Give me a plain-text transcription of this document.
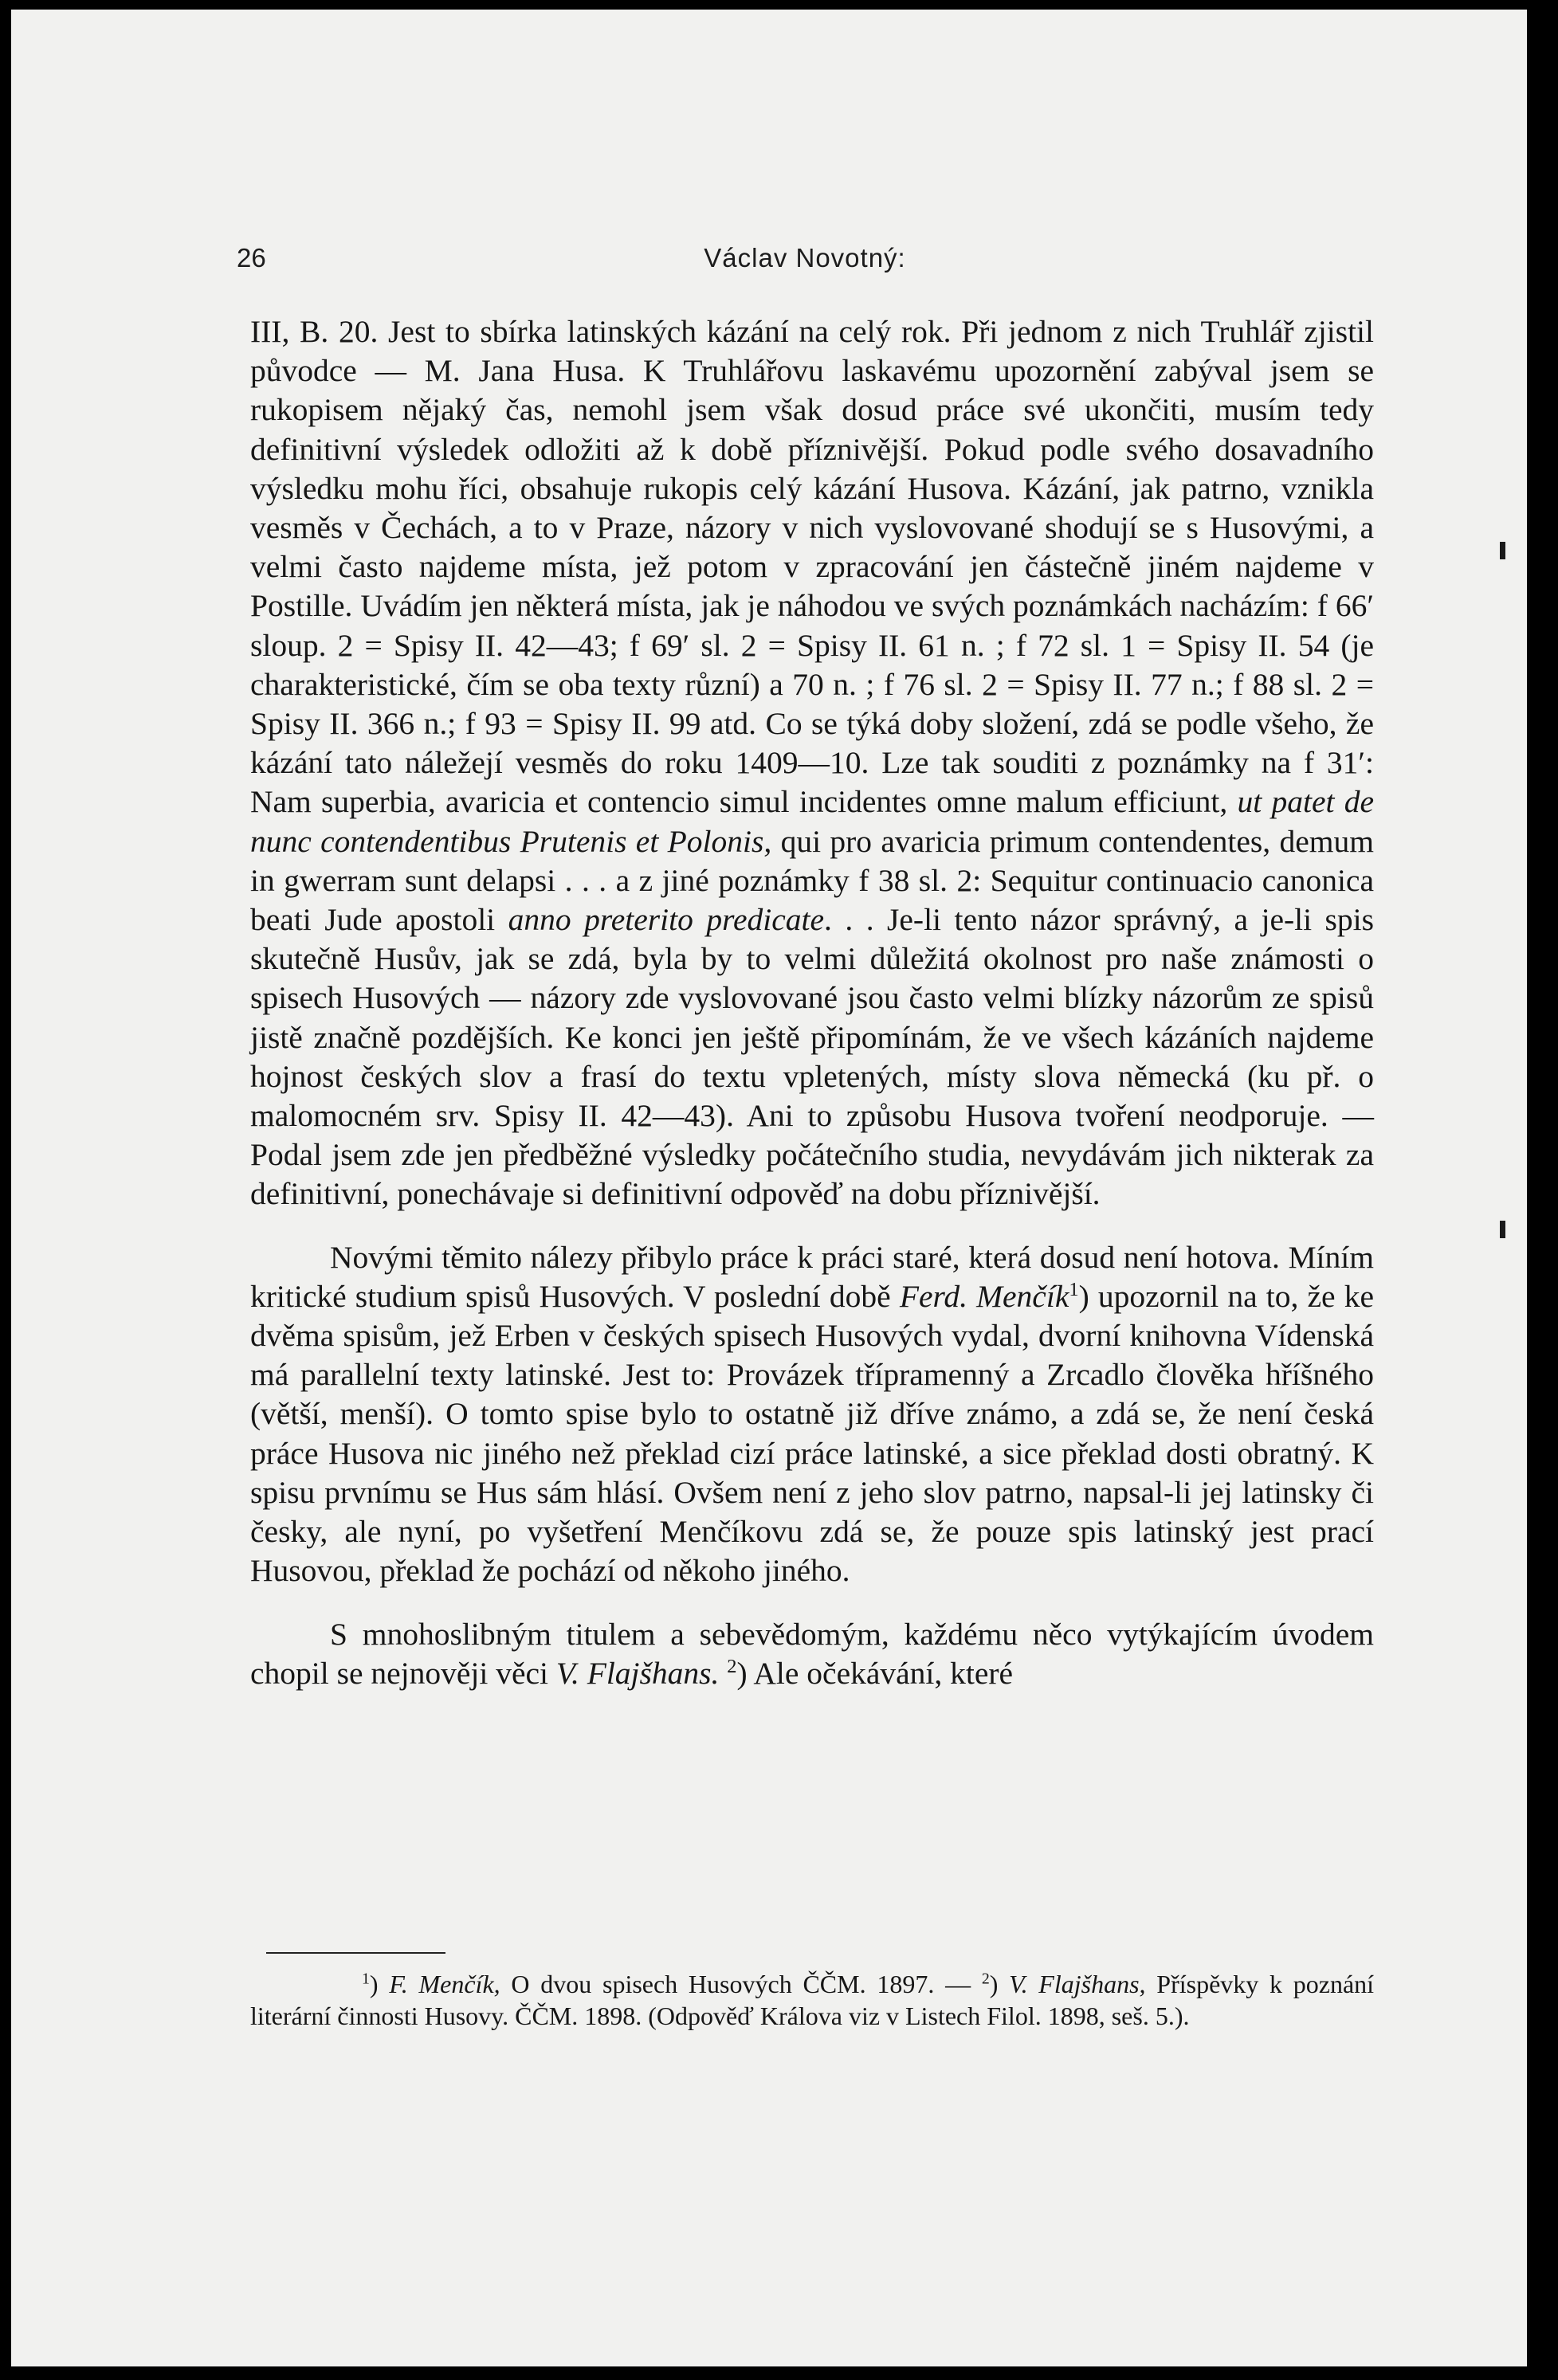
26	Václav Novotný:

III, B. 20. Jest to sbírka latinských kázání na celý rok. Při jednom z nich Truhlář zjistil původce — M. Jana Husa. K Truhlářovu laskavému upozornění zabýval jsem se rukopisem nějaký čas, nemohl jsem však dosud práce své ukončiti, musím tedy definitivní výsledek odložiti až k době příznivější. Pokud podle svého dosavadního výsledku mohu říci, obsahuje rukopis celý kázání Husova. Kázání, jak patrno, vznikla vesměs v Čechách, a to v Praze, názory v nich vyslovované shodují se s Husovými, a velmi často najdeme místa, jež potom v zpracování jen částečně jiném najdeme v Postille. Uvádím jen některá místa, jak je náhodou ve svých poznámkách nacházím: f 66′ sloup. 2 = Spisy II. 42—43; f 69′ sl. 2 = Spisy II. 61 n. ; f 72 sl. 1 = Spisy II. 54 (je charakteristické, čím se oba texty různí) a 70 n. ; f 76 sl. 2 = Spisy II. 77 n.; f 88 sl. 2 = Spisy II. 366 n.; f 93 = Spisy II. 99 atd. Co se týká doby složení, zdá se podle všeho, že kázání tato náležejí vesměs do roku 1409—10. Lze tak souditi z poznámky na f 31′: Nam superbia, avaricia et contencio simul incidentes omne malum efficiunt, ut patet de nunc contendentibus Prutenis et Polonis, qui pro avaricia primum contendentes, demum in gwerram sunt delapsi . . . a z jiné poznámky f 38 sl. 2: Sequitur continuacio canonica beati Jude apostoli anno preterito predicate. . . Je-li tento názor správný, a je-li spis skutečně Husův, jak se zdá, byla by to velmi důležitá okolnost pro naše známosti o spisech Husových — názory zde vyslovované jsou často velmi blízky názorům ze spisů jistě značně pozdějších. Ke konci jen ještě připomínám, že ve všech kázáních najdeme hojnost českých slov a frasí do textu vpletených, místy slova německá (ku př. o malomocném srv. Spisy II. 42—43). Ani to způsobu Husova tvoření neodporuje. — Podal jsem zde jen předběžné výsledky počátečního studia, nevydávám jich nikterak za definitivní, ponechávaje si definitivní odpověď na dobu příznivější.

Novými těmito nálezy přibylo práce k práci staré, která dosud není hotova. Míním kritické studium spisů Husových. V poslední době Ferd. Menčík$^1$) upozornil na to, že ke dvěma spisům, jež Erben v českých spisech Husových vydal, dvorní knihovna Vídenská má parallelní texty latinské. Jest to: Provázek třípramenný a Zrcadlo člověka hříšného (větší, menší). O tomto spise bylo to ostatně již dříve známo, a zdá se, že není česká práce Husova nic jiného než překlad cizí práce latinské, a sice překlad dosti obratný. K spisu prvnímu se Hus sám hlásí. Ovšem není z jeho slov patrno, napsal-li jej latinsky či česky, ale nyní, po vyšetření Menčíkovu zdá se, že pouze spis latinský jest prací Husovou, překlad že pochází od někoho jiného.

S mnohoslibným titulem a sebevědomým, každému něco vytýkajícím úvodem chopil se nejnověji věci V. Flajšhans. $^2$) Ale očekávání, které

$^1$) F. Menčík, O dvou spisech Husových ČČM. 1897. — $^2$) V. Flajšhans, Příspěvky k poznání literární činnosti Husovy. ČČM. 1898. (Odpověď Králova viz v Listech Filol. 1898, seš. 5.).
